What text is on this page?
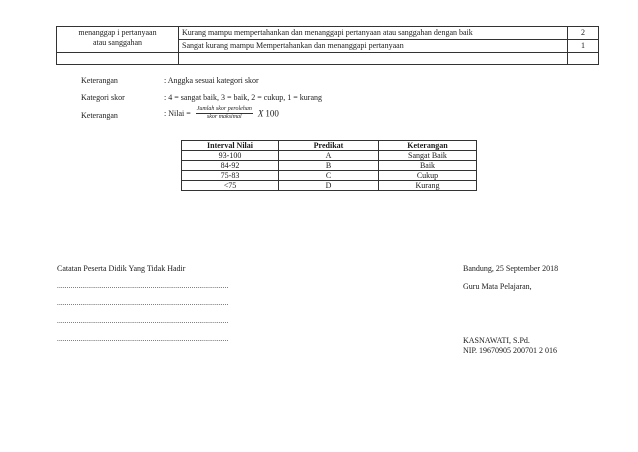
menanggap i pertanyaan
atau sanggahan	Kurang mampu mempertahankan dan menanggapi pertanyaan atau sanggahan dengan baik	2
	Sangat kurang mampu Mempertahankan dan menanggapi pertanyaan	1

Keterangan	: Anggka sesuai kategori skor
Kategori skor	: 4 = sangat baik, 3 = baik, 2 = cukup, 1 = kurang
Keterangan	: Nilai = $\frac{\text{Jumlah skor perolehan}}{\text{skor maksimal}}$ X 100
Interval Nilai	Predikat	Keterangan
93-100	A	Sangat Baik
84-92	B	Baik
75-83	C	Cukup
<75	D	Kurang
Catatan Peserta Didik Yang Tidak Hadir
........................................................................................
........................................................................................
........................................................................................
........................................................................................
Bandung, 25 September 2018
Guru Mata Pelajaran,
KASNAWATI, S.Pd.
NIP. 19670905 200701 2 016
